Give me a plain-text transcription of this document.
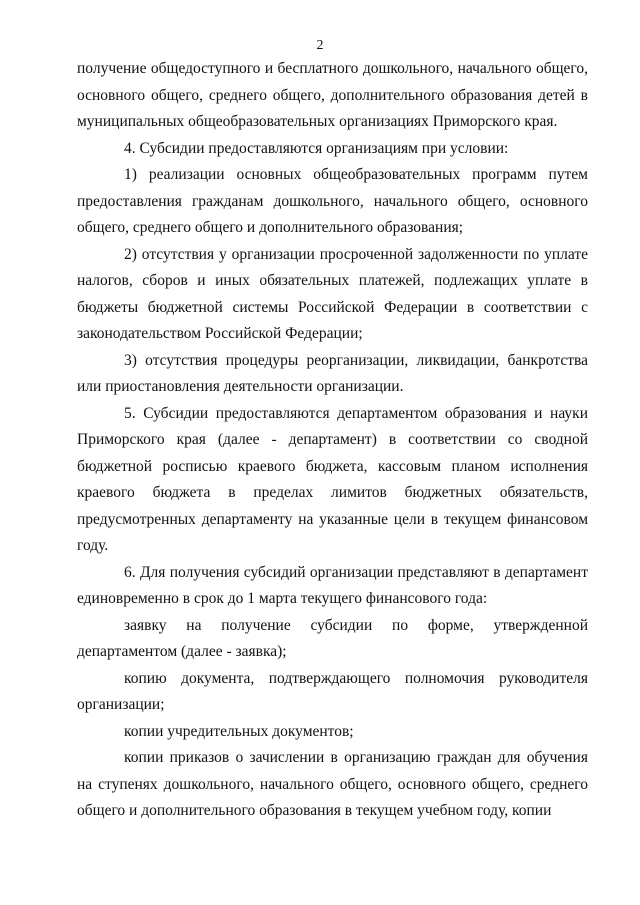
2

получение общедоступного и бесплатного дошкольного, начального общего, основного общего, среднего общего, дополнительного образования детей в муниципальных общеобразовательных организациях Приморского края.

4. Субсидии предоставляются организациям при условии:

1) реализации основных общеобразовательных программ путем предоставления гражданам дошкольного, начального общего, основного общего, среднего общего и дополнительного образования;

2) отсутствия у организации просроченной задолженности по уплате налогов, сборов и иных обязательных платежей, подлежащих уплате в бюджеты бюджетной системы Российской Федерации в соответствии с законодательством Российской Федерации;

3) отсутствия процедуры реорганизации, ликвидации, банкротства или приостановления деятельности организации.

5. Субсидии предоставляются департаментом образования и науки Приморского края (далее - департамент) в соответствии со сводной бюджетной росписью краевого бюджета, кассовым планом исполнения краевого бюджета в пределах лимитов бюджетных обязательств, предусмотренных департаменту на указанные цели в текущем финансовом году.

6. Для получения субсидий организации представляют в департамент единовременно в срок до 1 марта текущего финансового года:

заявку на получение субсидии по форме, утвержденной департаментом (далее - заявка);

копию документа, подтверждающего полномочия руководителя организации;

копии учредительных документов;

копии приказов о зачислении в организацию граждан для обучения на ступенях дошкольного, начального общего, основного общего, среднего общего и дополнительного образования в текущем учебном году, копии
